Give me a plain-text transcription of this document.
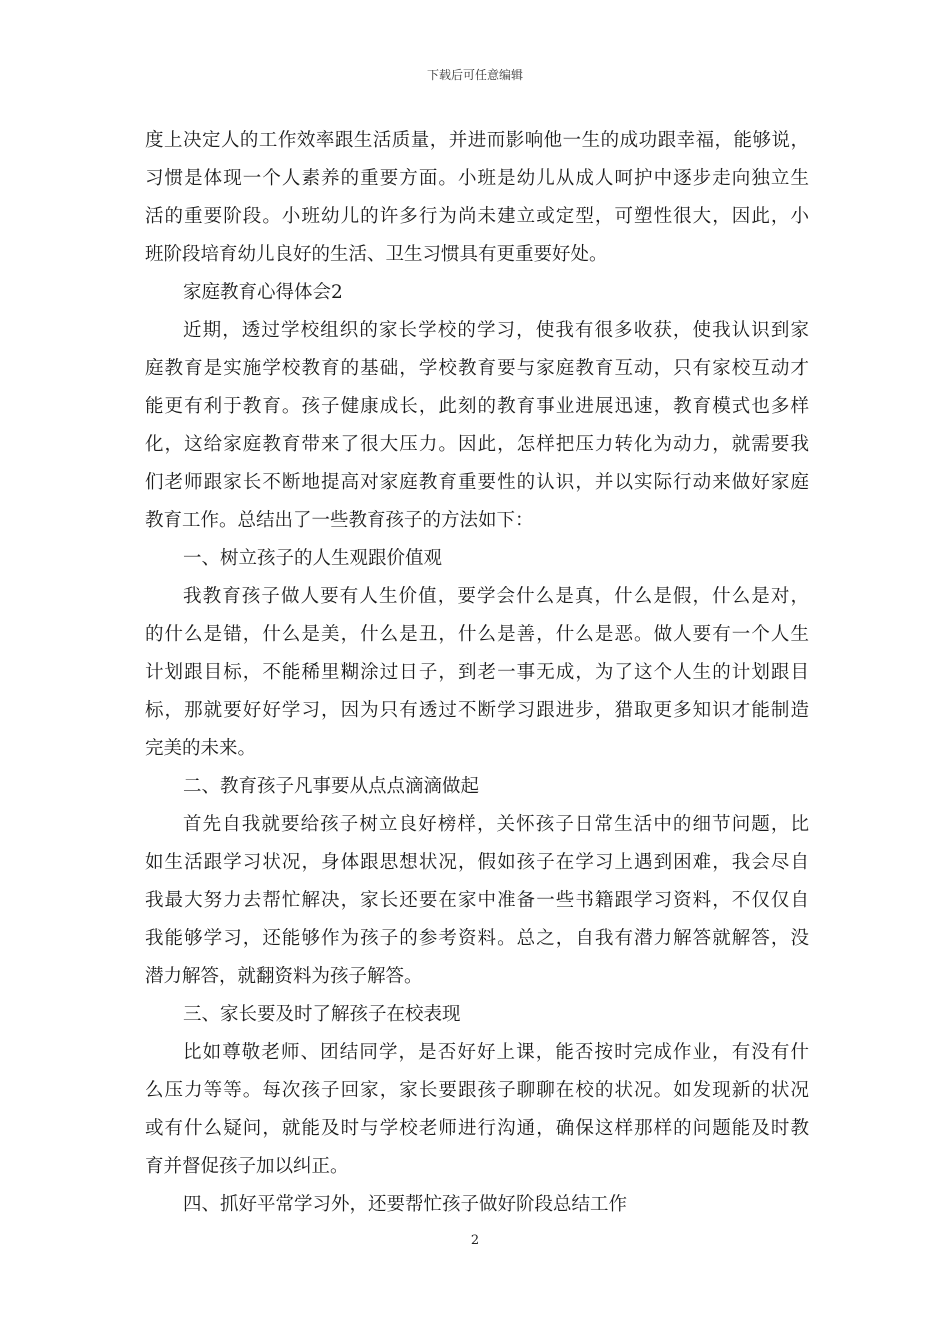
下载后可任意编辑
度上决定人的工作效率跟生活质量，并进而影响他一生的成功跟幸福，能够说，
习惯是体现一个人素养的重要方面。小班是幼儿从成人呵护中逐步走向独立生
活的重要阶段。小班幼儿的许多行为尚未建立或定型，可塑性很大，因此，小
班阶段培育幼儿良好的生活、卫生习惯具有更重要好处。
家庭教育心得体会2
近期，透过学校组织的家长学校的学习，使我有很多收获，使我认识到家
庭教育是实施学校教育的基础，学校教育要与家庭教育互动，只有家校互动才
能更有利于教育。孩子健康成长，此刻的教育事业进展迅速，教育模式也多样
化，这给家庭教育带来了很大压力。因此，怎样把压力转化为动力，就需要我
们老师跟家长不断地提高对家庭教育重要性的认识，并以实际行动来做好家庭
教育工作。总结出了一些教育孩子的方法如下：
一、树立孩子的人生观跟价值观
我教育孩子做人要有人生价值，要学会什么是真，什么是假，什么是对，
的什么是错，什么是美，什么是丑，什么是善，什么是恶。做人要有一个人生
计划跟目标，不能稀里糊涂过日子，到老一事无成，为了这个人生的计划跟目
标，那就要好好学习，因为只有透过不断学习跟进步，猎取更多知识才能制造
完美的未来。
二、教育孩子凡事要从点点滴滴做起
首先自我就要给孩子树立良好榜样，关怀孩子日常生活中的细节问题，比
如生活跟学习状况，身体跟思想状况，假如孩子在学习上遇到困难，我会尽自
我最大努力去帮忙解决，家长还要在家中准备一些书籍跟学习资料，不仅仅自
我能够学习，还能够作为孩子的参考资料。总之，自我有潜力解答就解答，没
潜力解答，就翻资料为孩子解答。
三、家长要及时了解孩子在校表现
比如尊敬老师、团结同学，是否好好上课，能否按时完成作业，有没有什
么压力等等。每次孩子回家，家长要跟孩子聊聊在校的状况。如发现新的状况
或有什么疑问，就能及时与学校老师进行沟通，确保这样那样的问题能及时教
育并督促孩子加以纠正。
四、抓好平常学习外，还要帮忙孩子做好阶段总结工作
2
